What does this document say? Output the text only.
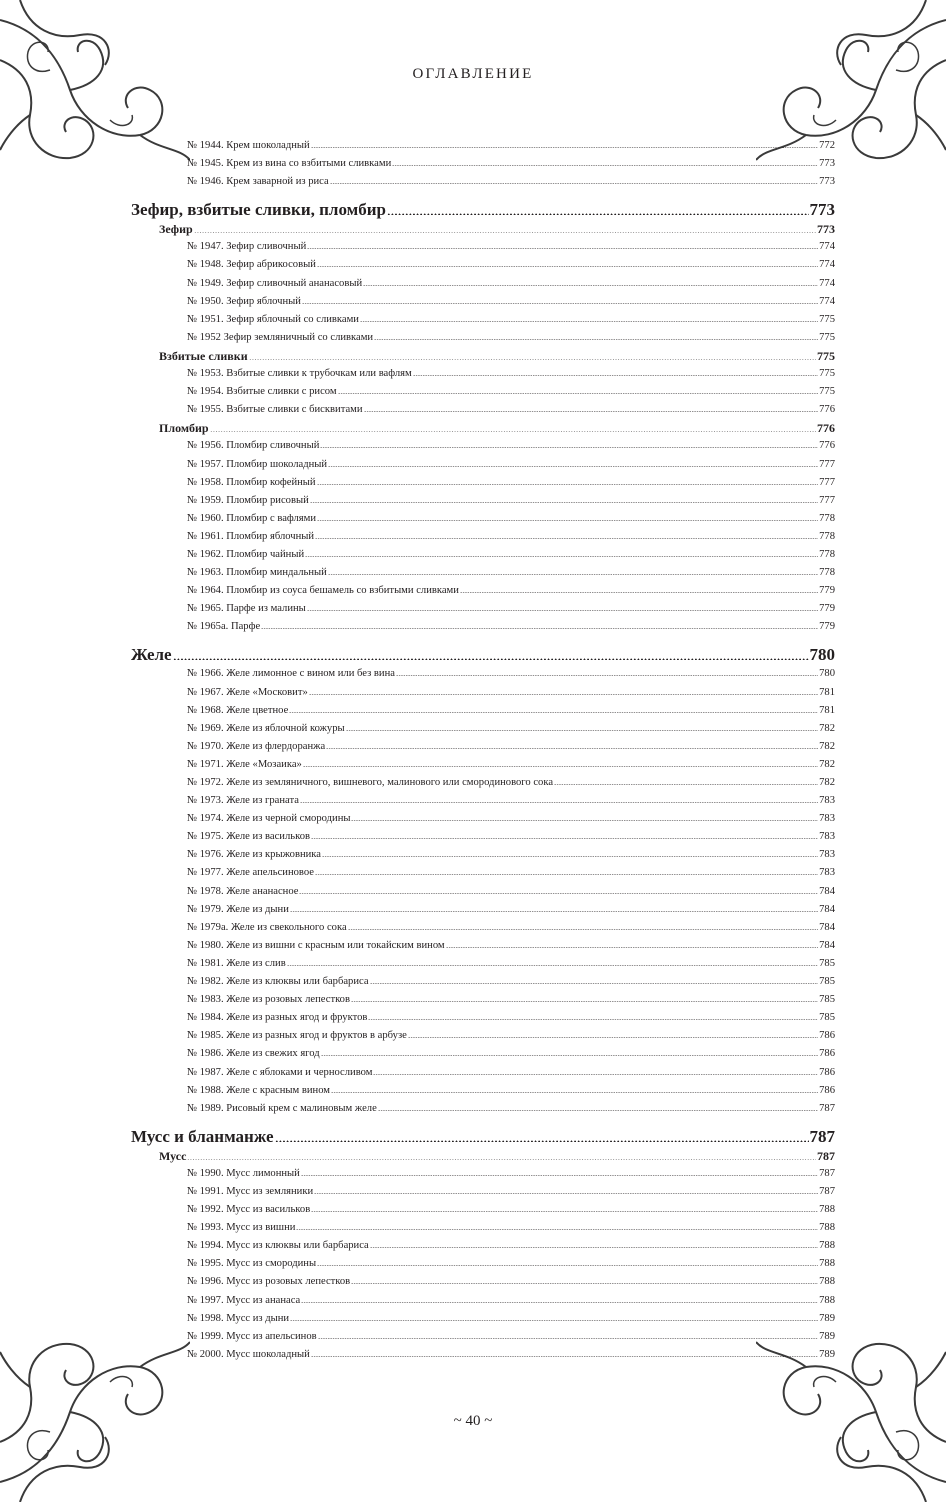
ОГЛАВЛЕНИЕ
№ 1944. Крем шоколадный	772
№ 1945. Крем из вина со взбитыми сливками	773
№ 1946. Крем заварной из риса	773
Зефир, взбитые сливки, пломбир	773
Зефир	773
№ 1947. Зефир сливочный	774
№ 1948. Зефир абрикосовый	774
№ 1949. Зефир сливочный ананасовый	774
№ 1950. Зефир яблочный	774
№ 1951. Зефир яблочный со сливками	775
№ 1952 Зефир земляничный со сливками	775
Взбитые сливки	775
№ 1953. Взбитые сливки к трубочкам или вафлям	775
№ 1954. Взбитые сливки с рисом	775
№ 1955. Взбитые сливки с бисквитами	776
Пломбир	776
№ 1956. Пломбир сливочный	776
№ 1957. Пломбир шоколадный	777
№ 1958. Пломбир кофейный	777
№ 1959. Пломбир рисовый	777
№ 1960. Пломбир с вафлями	778
№ 1961. Пломбир яблочный	778
№ 1962. Пломбир чайный	778
№ 1963. Пломбир миндальный	778
№ 1964. Пломбир из соуса бешамель со взбитыми сливками	779
№ 1965. Парфе из малины	779
№ 1965а. Парфе	779
Желе	780
№ 1966. Желе лимонное с вином или без вина	780
№ 1967. Желе «Московит»	781
№ 1968. Желе цветное	781
№ 1969. Желе из яблочной кожуры	782
№ 1970. Желе из флердоранжа	782
№ 1971. Желе «Мозаика»	782
№ 1972. Желе из земляничного, вишневого, малинового или смородинового сока	782
№ 1973. Желе из граната	783
№ 1974. Желе из черной смородины	783
№ 1975. Желе из васильков	783
№ 1976. Желе из крыжовника	783
№ 1977. Желе апельсиновое	783
№ 1978. Желе ананасное	784
№ 1979. Желе из дыни	784
№ 1979а. Желе из свекольного сока	784
№ 1980. Желе из вишни с красным или токайским вином	784
№ 1981. Желе из слив	785
№ 1982. Желе из клюквы или барбариса	785
№ 1983. Желе из розовых лепестков	785
№ 1984. Желе из разных ягод и фруктов	785
№ 1985. Желе из разных ягод и фруктов в арбузе	786
№ 1986. Желе из свежих ягод	786
№ 1987. Желе с яблоками и черносливом	786
№ 1988. Желе с красным вином	786
№ 1989. Рисовый крем с малиновым желе	787
Мусс и бланманже	787
Мусс	787
№ 1990. Мусс лимонный	787
№ 1991. Мусс из земляники	787
№ 1992. Мусс из васильков	788
№ 1993. Мусс из вишни	788
№ 1994. Мусс из клюквы или барбариса	788
№ 1995. Мусс из смородины	788
№ 1996. Мусс из розовых лепестков	788
№ 1997. Мусс из ананаса	788
№ 1998. Мусс из дыни	789
№ 1999. Мусс из апельсинов	789
№ 2000. Мусс шоколадный	789
~ 40 ~
